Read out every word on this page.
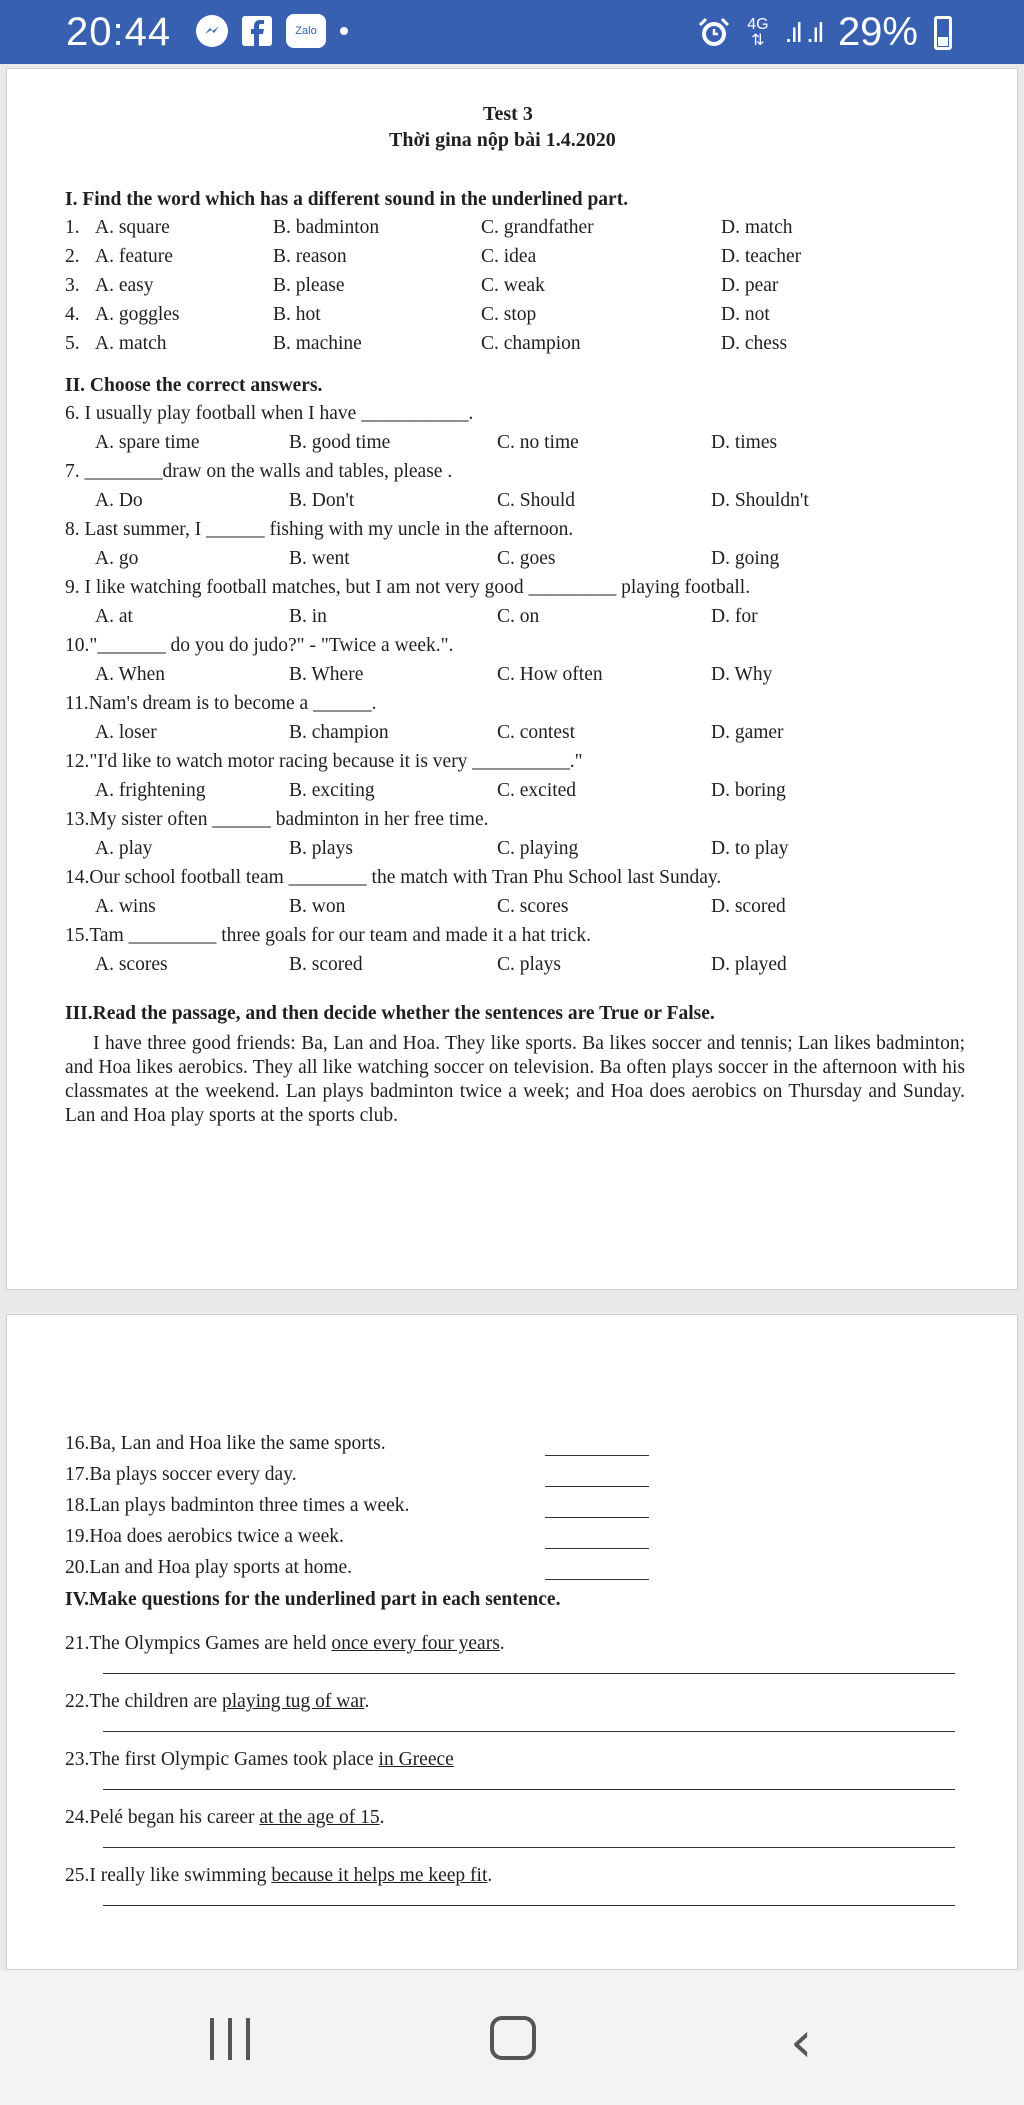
20:44	Zalo	4G
⇅ .ıl .ıl 29%
Test 3
Thời gina nộp bài 1.4.2020
I. Find the word which has a different sound in the underlined part.
1. A. square	B. badminton	C. grandfather	D. match
2. A. feature	B. reason	C. idea	D. teacher
3. A. easy	B. please	C. weak	D. pear
4. A. goggles	B. hot	C. stop	D. not
5. A. match	B. machine	C. champion	D. chess
II. Choose the correct answers.
6. I usually play football when I have ___________.
A. spare time	B. good time	C. no time	D. times
7. ________draw on the walls and tables, please .
A. Do	B. Don't	C. Should	D. Shouldn't
8. Last summer, I ______ fishing with my uncle in the afternoon.
A. go	B. went	C. goes	D. going
9. I like watching football matches, but I am not very good _________ playing football.
A. at	B. in	C. on	D. for
10."_______ do you do judo?" - "Twice a week.".
A. When	B. Where	C. How often	D. Why
11.Nam's dream is to become a ______.
A. loser	B. champion	C. contest	D. gamer
12."I'd like to watch motor racing because it is very __________."
A. frightening	B. exciting	C. excited	D. boring
13.My sister often ______ badminton in her free time.
A. play	B. plays	C. playing	D. to play
14.Our school football team ________ the match with Tran Phu School last Sunday.
A. wins	B. won	C. scores	D. scored
15.Tam _________ three goals for our team and made it a hat trick.
A. scores	B. scored	C. plays	D. played
III.Read the passage, and then decide whether the sentences are True or False.
I have three good friends: Ba, Lan and Hoa. They like sports. Ba likes soccer and tennis; Lan likes badminton; and Hoa likes aerobics. They all like watching soccer on television. Ba often plays soccer in the afternoon with his classmates at the weekend. Lan plays badminton twice a week; and Hoa does aerobics on Thursday and Sunday. Lan and Hoa play sports at the sports club.
16.Ba, Lan and Hoa like the same sports.
17.Ba plays soccer every day.
18.Lan plays badminton three times a week.
19.Hoa does aerobics twice a week.
20.Lan and Hoa play sports at home.
IV.Make questions for the underlined part in each sentence.
21.The Olympics Games are held once every four years.
22.The children are playing tug of war.
23.The first Olympic Games took place in Greece
24.Pelé began his career at the age of 15.
25.I really like swimming because it helps me keep fit.
‹
